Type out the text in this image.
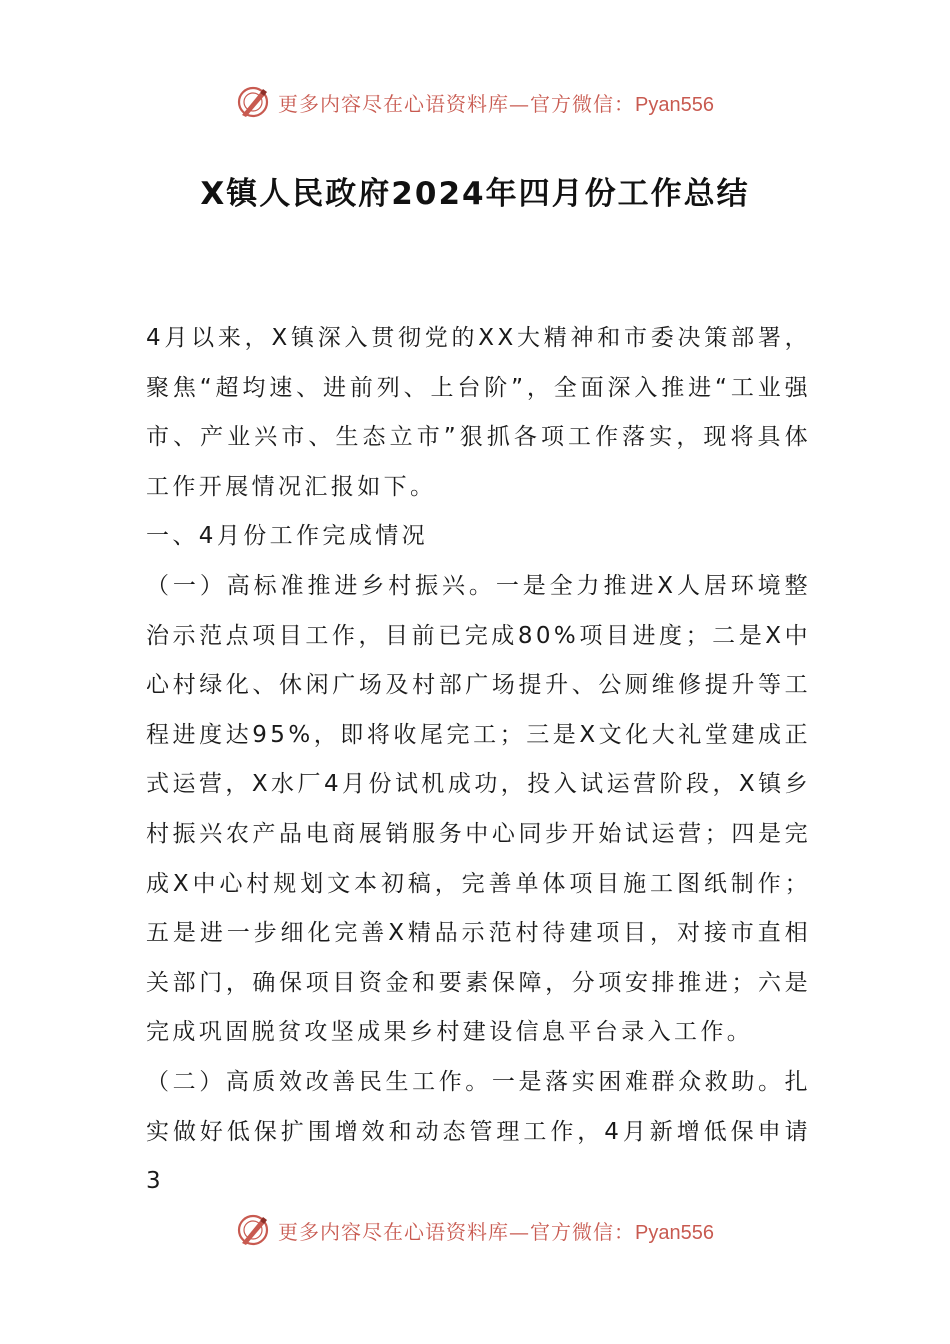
更多内容尽在心语资料库—官方微信：Pyan556
X镇人民政府2024年四月份工作总结

4月以来，X镇深入贯彻党的XX大精神和市委决策部署，聚焦“超均速、进前列、上台阶”，全面深入推进“工业强市、产业兴市、生态立市”狠抓各项工作落实，现将具体工作开展情况汇报如下。

一、4月份工作完成情况

（一）高标准推进乡村振兴。一是全力推进X人居环境整治示范点项目工作，目前已完成80%项目进度；二是X中心村绿化、休闲广场及村部广场提升、公厕维修提升等工程进度达95%，即将收尾完工；三是X文化大礼堂建成正式运营，X水厂4月份试机成功，投入试运营阶段，X镇乡村振兴农产品电商展销服务中心同步开始试运营；四是完成X中心村规划文本初稿，完善单体项目施工图纸制作；五是进一步细化完善X精品示范村待建项目，对接市直相关部门，确保项目资金和要素保障，分项安排推进；六是完成巩固脱贫攻坚成果乡村建设信息平台录入工作。

（二）高质效改善民生工作。一是落实困难群众救助。扎实做好低保扩围增效和动态管理工作，4月新增低保申请3

更多内容尽在心语资料库—官方微信：Pyan556
